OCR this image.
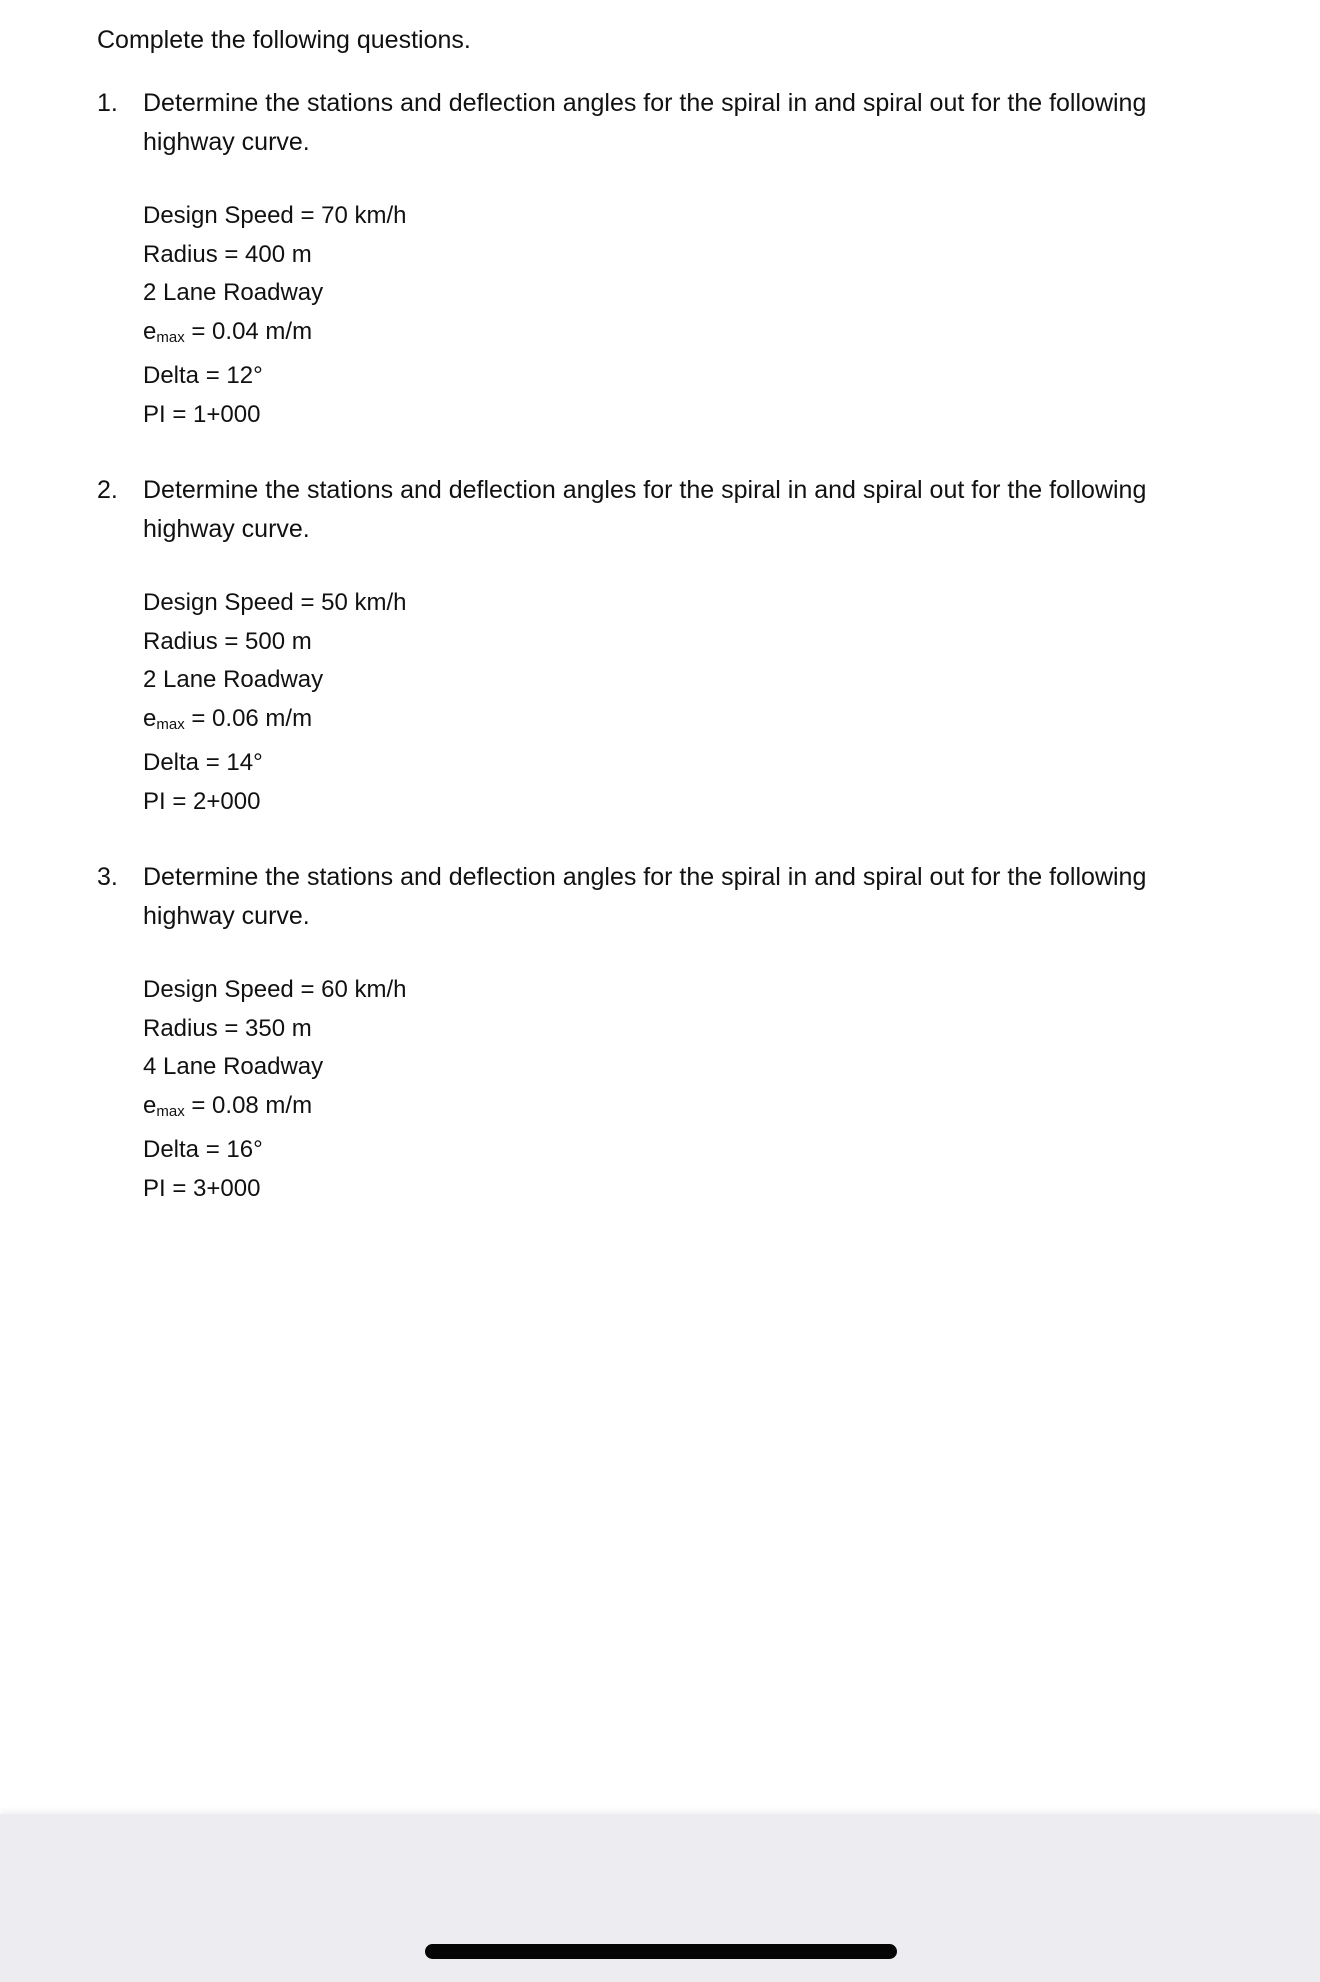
Complete the following questions.
1. Determine the stations and deflection angles for the spiral in and spiral out for the following highway curve.
Design Speed = 70 km/h
Radius = 400 m
2 Lane Roadway
$e_{max} = 0.04$ m/m
Delta = 12°
PI = 1+000
2. Determine the stations and deflection angles for the spiral in and spiral out for the following highway curve.
Design Speed = 50 km/h
Radius = 500 m
2 Lane Roadway
$e_{max} = 0.06$ m/m
Delta = 14°
PI = 2+000
3. Determine the stations and deflection angles for the spiral in and spiral out for the following highway curve.
Design Speed = 60 km/h
Radius = 350 m
4 Lane Roadway
$e_{max} = 0.08$ m/m
Delta = 16°
PI = 3+000
